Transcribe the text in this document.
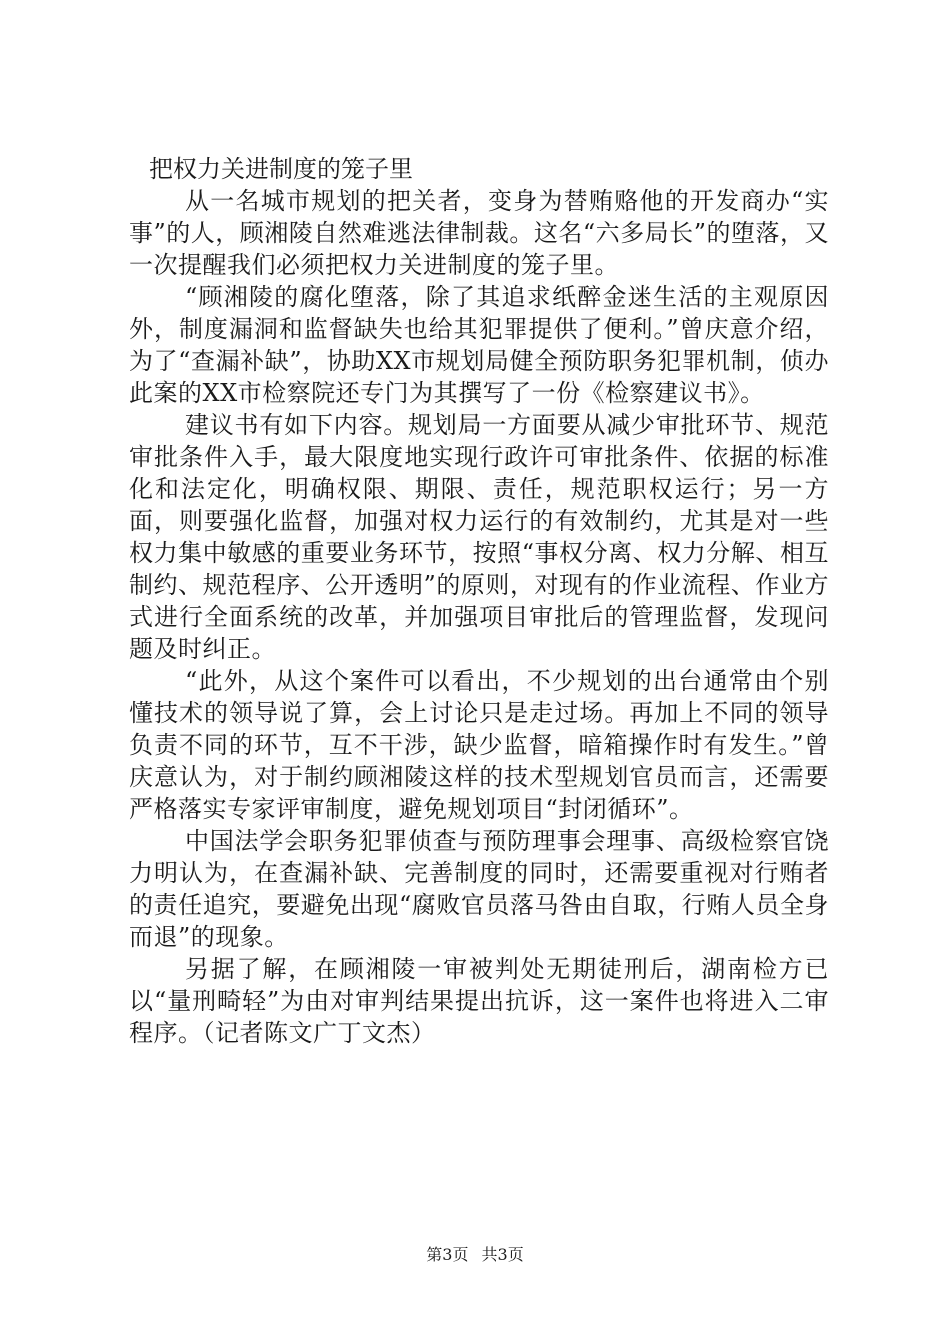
把权力关进制度的笼子里

从一名城市规划的把关者，变身为替贿赂他的开发商办“实事”的人，顾湘陵自然难逃法律制裁。这名“六多局长”的堕落，又一次提醒我们必须把权力关进制度的笼子里。

“顾湘陵的腐化堕落，除了其追求纸醉金迷生活的主观原因外，制度漏洞和监督缺失也给其犯罪提供了便利。”曾庆意介绍，为了“查漏补缺”，协助XX市规划局健全预防职务犯罪机制，侦办此案的XX市检察院还专门为其撰写了一份《检察建议书》。

建议书有如下内容。规划局一方面要从减少审批环节、规范审批条件入手，最大限度地实现行政许可审批条件、依据的标准化和法定化，明确权限、期限、责任，规范职权运行；另一方面，则要强化监督，加强对权力运行的有效制约，尤其是对一些权力集中敏感的重要业务环节，按照“事权分离、权力分解、相互制约、规范程序、公开透明”的原则，对现有的作业流程、作业方式进行全面系统的改革，并加强项目审批后的管理监督，发现问题及时纠正。

“此外，从这个案件可以看出，不少规划的出台通常由个别懂技术的领导说了算，会上讨论只是走过场。再加上不同的领导负责不同的环节，互不干涉，缺少监督，暗箱操作时有发生。”曾庆意认为，对于制约顾湘陵这样的技术型规划官员而言，还需要严格落实专家评审制度，避免规划项目“封闭循环”。

中国法学会职务犯罪侦查与预防理事会理事、高级检察官饶力明认为，在查漏补缺、完善制度的同时，还需要重视对行贿者的责任追究，要避免出现“腐败官员落马咎由自取，行贿人员全身而退”的现象。

另据了解，在顾湘陵一审被判处无期徒刑后，湖南检方已以“量刑畸轻”为由对审判结果提出抗诉，这一案件也将进入二审程序。（记者陈文广丁文杰）

第3页 共3页
